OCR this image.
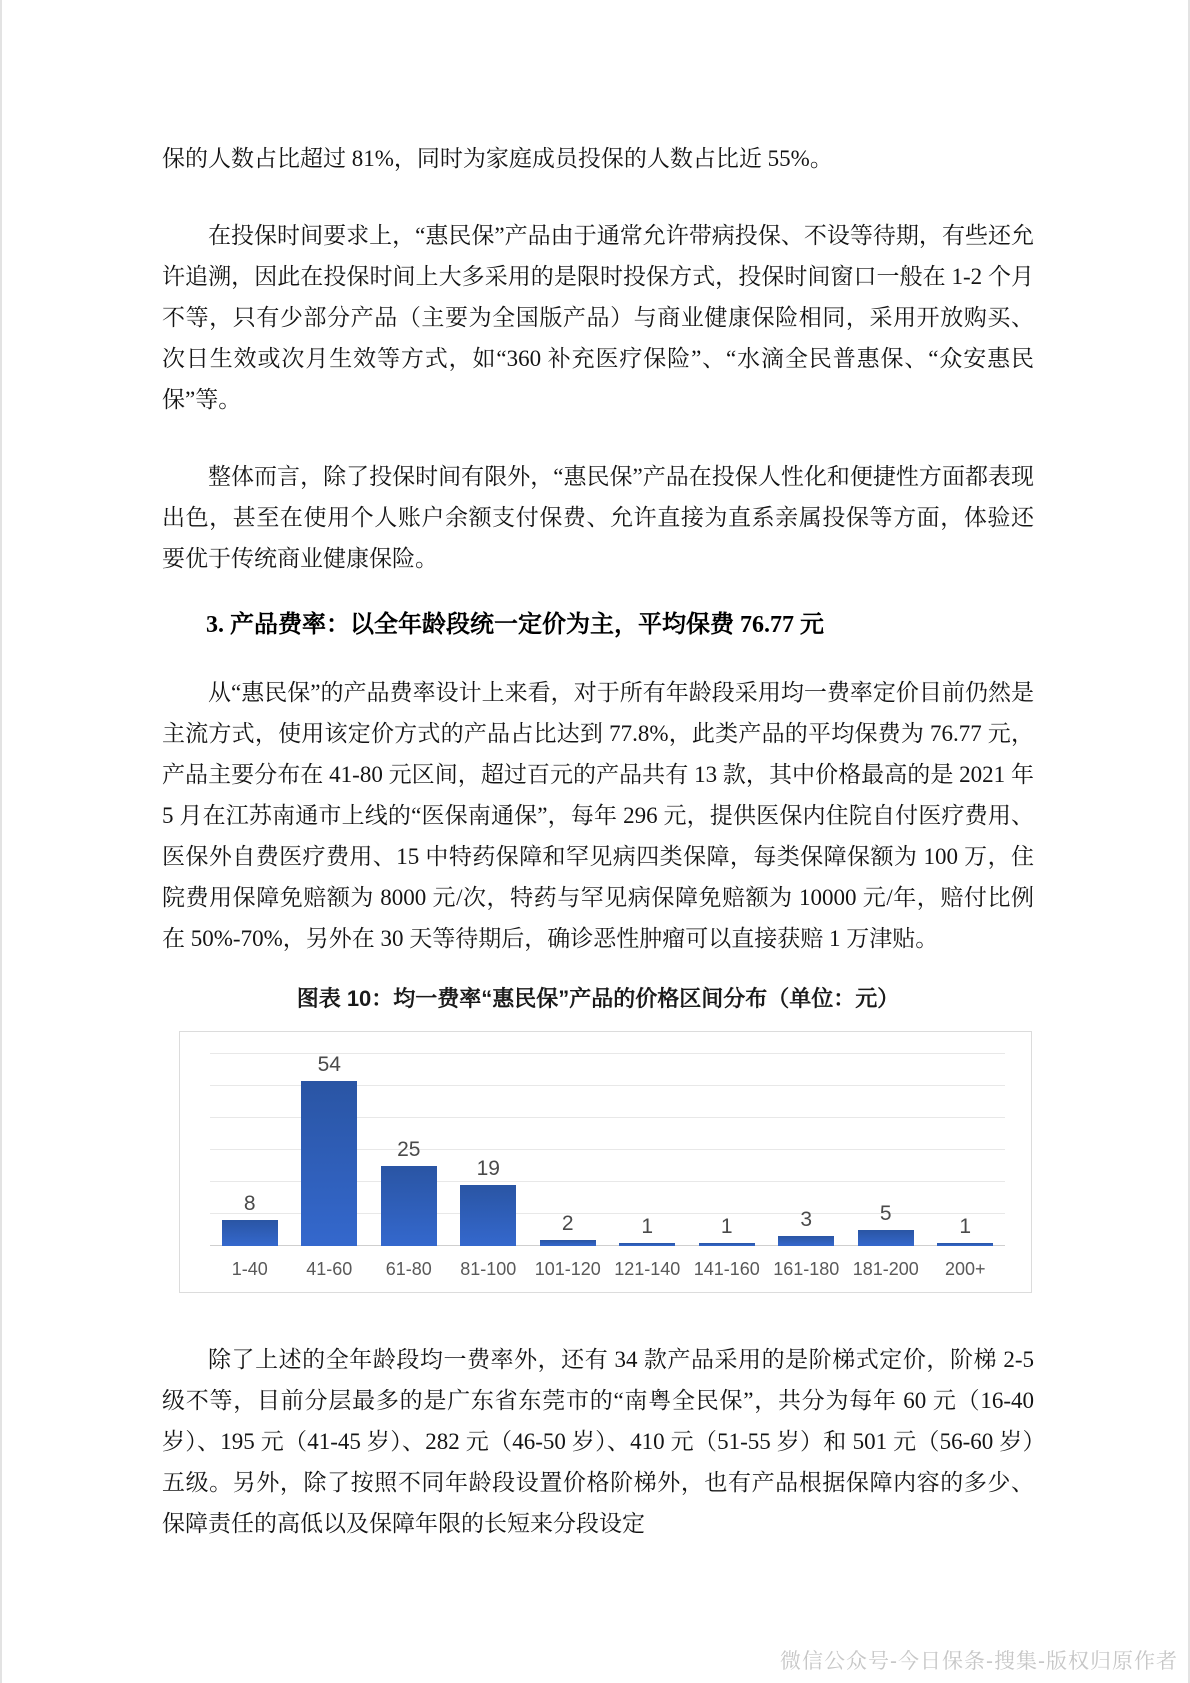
保的人数占比超过 81%，同时为家庭成员投保的人数占比近 55%。

在投保时间要求上，“惠民保”产品由于通常允许带病投保、不设等待期，有些还允许追溯，因此在投保时间上大多采用的是限时投保方式，投保时间窗口一般在 1-2 个月不等，只有少部分产品（主要为全国版产品）与商业健康保险相同，采用开放购买、次日生效或次月生效等方式，如“360 补充医疗保险”、“水滴全民普惠保、“众安惠民保”等。

整体而言，除了投保时间有限外，“惠民保”产品在投保人性化和便捷性方面都表现出色，甚至在使用个人账户余额支付保费、允许直接为直系亲属投保等方面，体验还要优于传统商业健康保险。

3. 产品费率：以全年龄段统一定价为主，平均保费 76.77 元

从“惠民保”的产品费率设计上来看，对于所有年龄段采用均一费率定价目前仍然是主流方式，使用该定价方式的产品占比达到 77.8%，此类产品的平均保费为 76.77 元，产品主要分布在 41-80 元区间，超过百元的产品共有 13 款，其中价格最高的是 2021 年 5 月在江苏南通市上线的“医保南通保”，每年 296 元，提供医保内住院自付医疗费用、医保外自费医疗费用、15 中特药保障和罕见病四类保障，每类保障保额为 100 万，住院费用保障免赔额为 8000 元/次，特药与罕见病保障免赔额为 10000 元/年，赔付比例在 50%-70%，另外在 30 天等待期后，确诊恶性肿瘤可以直接获赔 1 万津贴。

图表 10：均一费率“惠民保”产品的价格区间分布（单位：元）
8
54
25
19
2	1	1	3	5
1
1-40	41-60	61-80	81-100	101-120 121-140 141-160 161-180 181-200	200+

除了上述的全年龄段均一费率外，还有 34 款产品采用的是阶梯式定价，阶梯 2-5 级不等，目前分层最多的是广东省东莞市的“南粤全民保”，共分为每年 60 元（16-40 岁）、195 元（41-45 岁）、282 元（46-50 岁）、410 元（51-55 岁）和 501 元（56-60 岁）五级。另外，除了按照不同年龄段设置价格阶梯外，也有产品根据保障内容的多少、保障责任的高低以及保障年限的长短来分段设定

微信公众号-今日保条-搜集-版权归原作者
